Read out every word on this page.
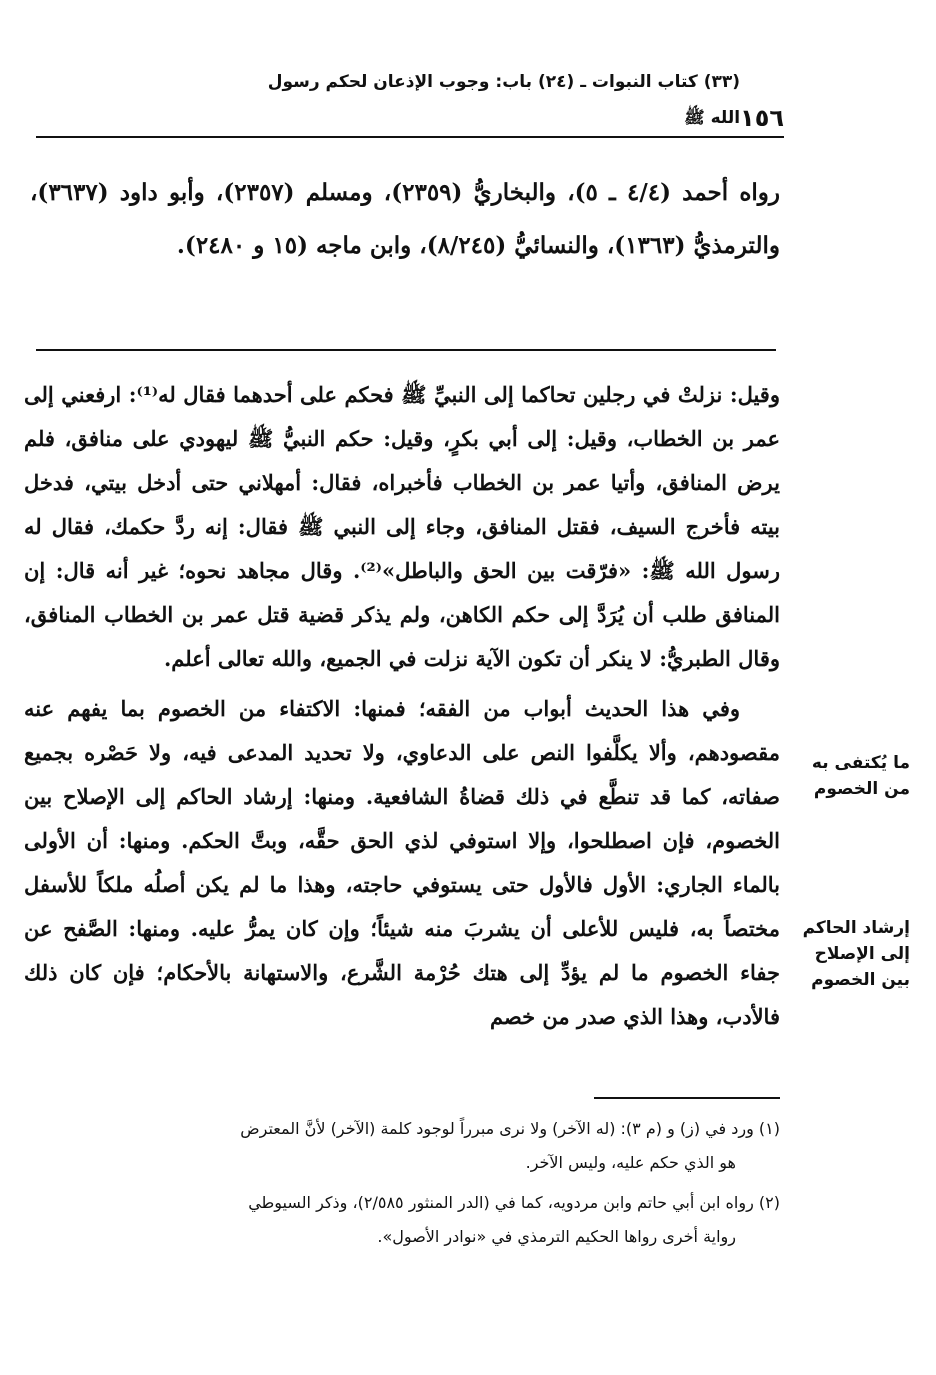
١٥٦
(٣٣) كتاب النبوات ـ (٢٤) باب: وجوب الإذعان لحكم رسول الله ﷺ

رواه أحمد (٤/٤ ـ ٥)، والبخاريُّ (٢٣٥٩)، ومسلم (٢٣٥٧)، وأبو داود (٣٦٣٧)، والترمذيُّ (١٣٦٣)، والنسائيُّ (٨/٢٤٥)، وابن ماجه (١٥ و ٢٤٨٠).

وقيل: نزلتْ في رجلين تحاكما إلى النبيِّ ﷺ فحكم على أحدهما فقال له⁽¹⁾: ارفعني إلى عمر بن الخطاب، وقيل: إلى أبي بكرٍ، وقيل: حكم النبيُّ ﷺ ليهودي على منافق، فلم يرض المنافق، وأتيا عمر بن الخطاب فأخبراه، فقال: أمهلاني حتى أدخل بيتي، فدخل بيته فأخرج السيف، فقتل المنافق، وجاء إلى النبي ﷺ فقال: إنه ردَّ حكمك، فقال له رسول الله ﷺ: «فرّقت بين الحق والباطل»⁽²⁾. وقال مجاهد نحوه؛ غير أنه قال: إن المنافق طلب أن يُرَدَّ إلى حكم الكاهن، ولم يذكر قضية قتل عمر بن الخطاب المنافق، وقال الطبريُّ: لا ينكر أن تكون الآية نزلت في الجميع، والله تعالى أعلم.

وفي هذا الحديث أبواب من الفقه؛ فمنها: الاكتفاء من الخصوم بما يفهم عنه مقصودهم، وألا يكلَّفوا النص على الدعاوي، ولا تحديد المدعى فيه، ولا حَصْره بجميع صفاته، كما قد تنطَّع في ذلك قضاةُ الشافعية. ومنها: إرشاد الحاكم إلى الإصلاح بين الخصوم، فإن اصطلحوا، وإلا استوفي لذي الحق حقَّه، وبتَّ الحكم. ومنها: أن الأولى بالماء الجاري: الأول فالأول حتى يستوفي حاجته، وهذا ما لم يكن أصلُه ملكاً للأسفل مختصاً به، فليس للأعلى أن يشربَ منه شيئاً؛ وإن كان يمرُّ عليه. ومنها: الصَّفح عن جفاء الخصوم ما لم يؤدِّ إلى هتك حُرْمة الشَّرع، والاستهانة بالأحكام؛ فإن كان ذلك فالأدب، وهذا الذي صدر من خصم

ما يُكتفى به من الخصوم
إرشاد الحاكم إلى الإصلاح بين الخصوم

(١) ورد في (ز) و (م ٣): (له الآخر) ولا نرى مبرراً لوجود كلمة (الآخر) لأنَّ المعترض
هو الذي حكم عليه، وليس الآخر.

(٢) رواه ابن أبي حاتم وابن مردويه، كما في (الدر المنثور ٢/٥٨٥)، وذكر السيوطي
رواية أخرى رواها الحكيم الترمذي في «نوادر الأصول».
